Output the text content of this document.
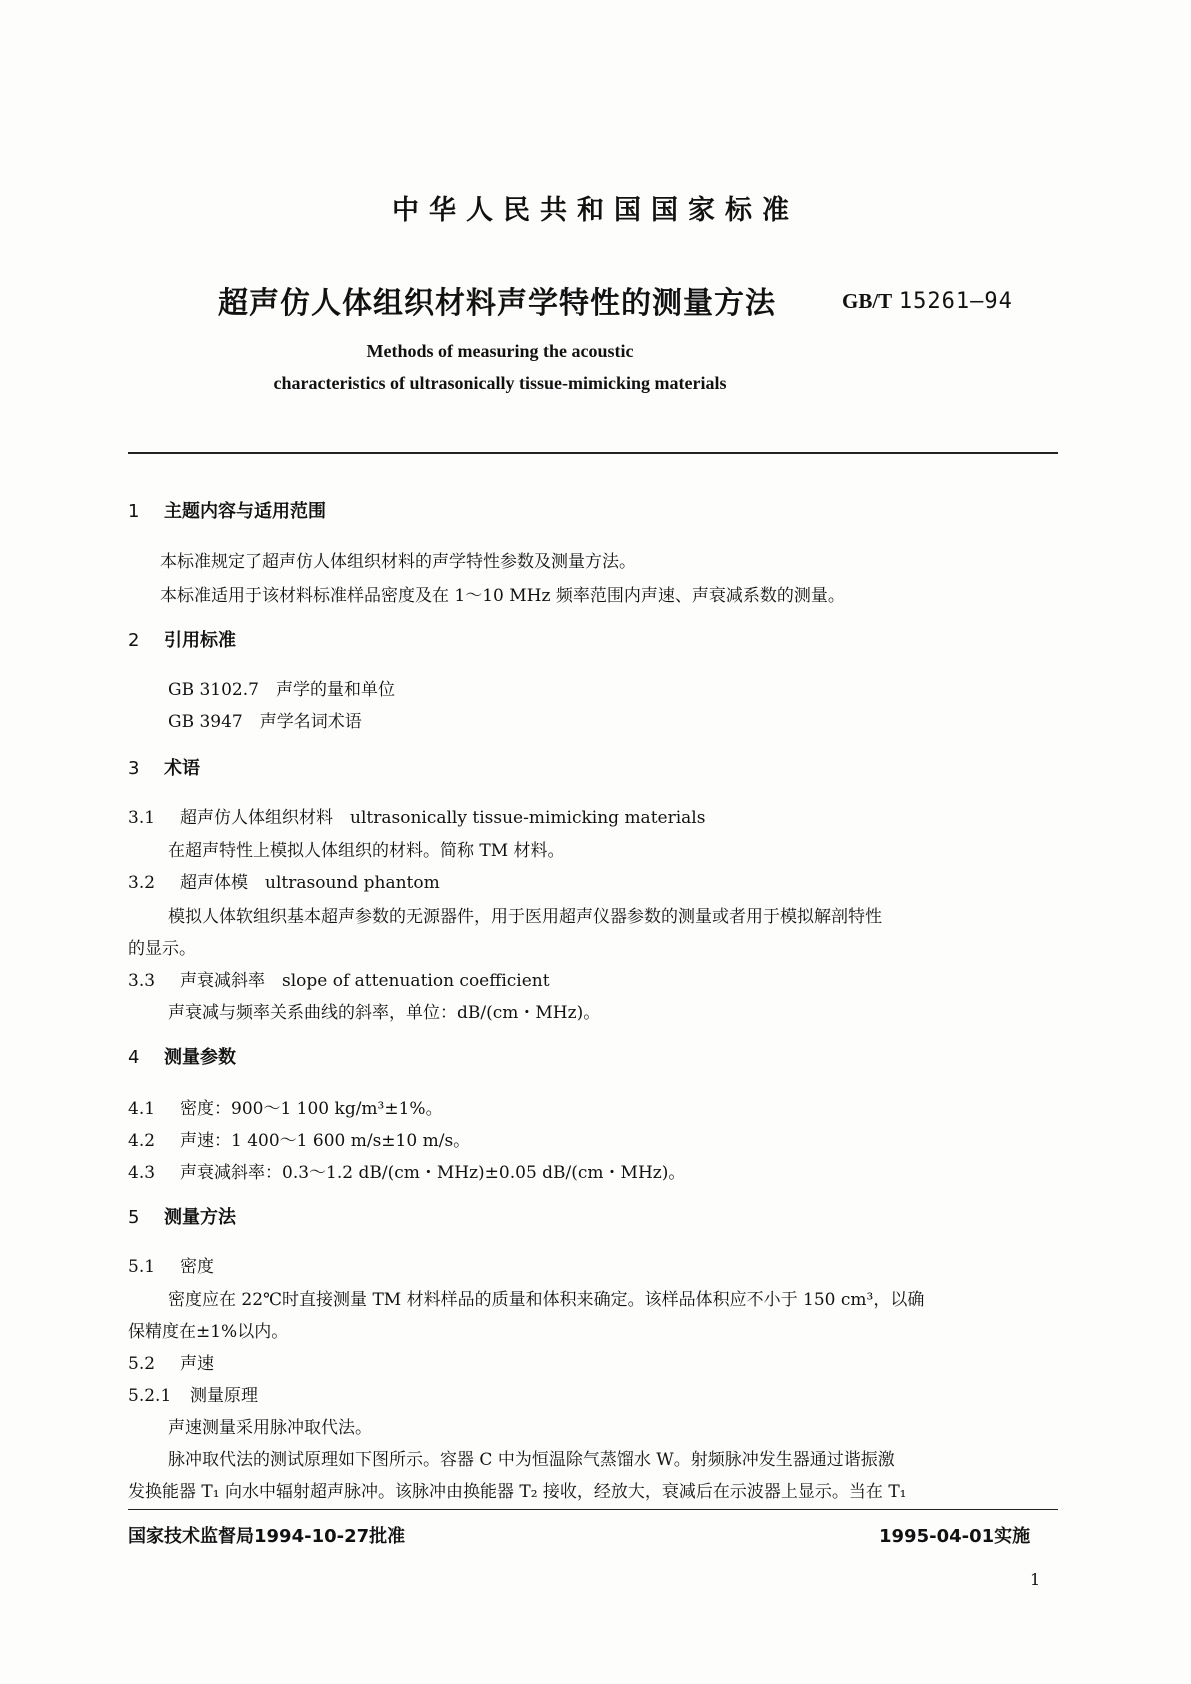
中华人民共和国国家标准
超声仿人体组织材料声学特性的测量方法	GB/T 15261—94
Methods of measuring the acoustic
characteristics of ultrasonically tissue-mimicking materials
1 主题内容与适用范围
本标准规定了超声仿人体组织材料的声学特性参数及测量方法。
本标准适用于该材料标准样品密度及在 1～10 MHz 频率范围内声速、声衰减系数的测量。
2 引用标准
GB 3102.7　声学的量和单位
GB 3947　声学名词术语
3 术语
3.1 超声仿人体组织材料　ultrasonically tissue-mimicking materials
在超声特性上模拟人体组织的材料。简称 TM 材料。
3.2 超声体模　ultrasound phantom
模拟人体软组织基本超声参数的无源器件，用于医用超声仪器参数的测量或者用于模拟解剖特性
的显示。
3.3 声衰减斜率　slope of attenuation coefficient
声衰减与频率关系曲线的斜率，单位：dB/(cm・MHz)。
4 测量参数
4.1 密度：900～1 100 kg/m³±1%。
4.2 声速：1 400～1 600 m/s±10 m/s。
4.3 声衰减斜率：0.3～1.2 dB/(cm・MHz)±0.05 dB/(cm・MHz)。
5 测量方法
5.1 密度
密度应在 22℃时直接测量 TM 材料样品的质量和体积来确定。该样品体积应不小于 150 cm³，以确
保精度在±1%以内。
5.2 声速
5.2.1 测量原理
声速测量采用脉冲取代法。
脉冲取代法的测试原理如下图所示。容器 C 中为恒温除气蒸馏水 W。射频脉冲发生器通过谐振激
发换能器 T₁ 向水中辐射超声脉冲。该脉冲由换能器 T₂ 接收，经放大，衰减后在示波器上显示。当在 T₁
国家技术监督局1994-10-27批准	1995-04-01实施
1
